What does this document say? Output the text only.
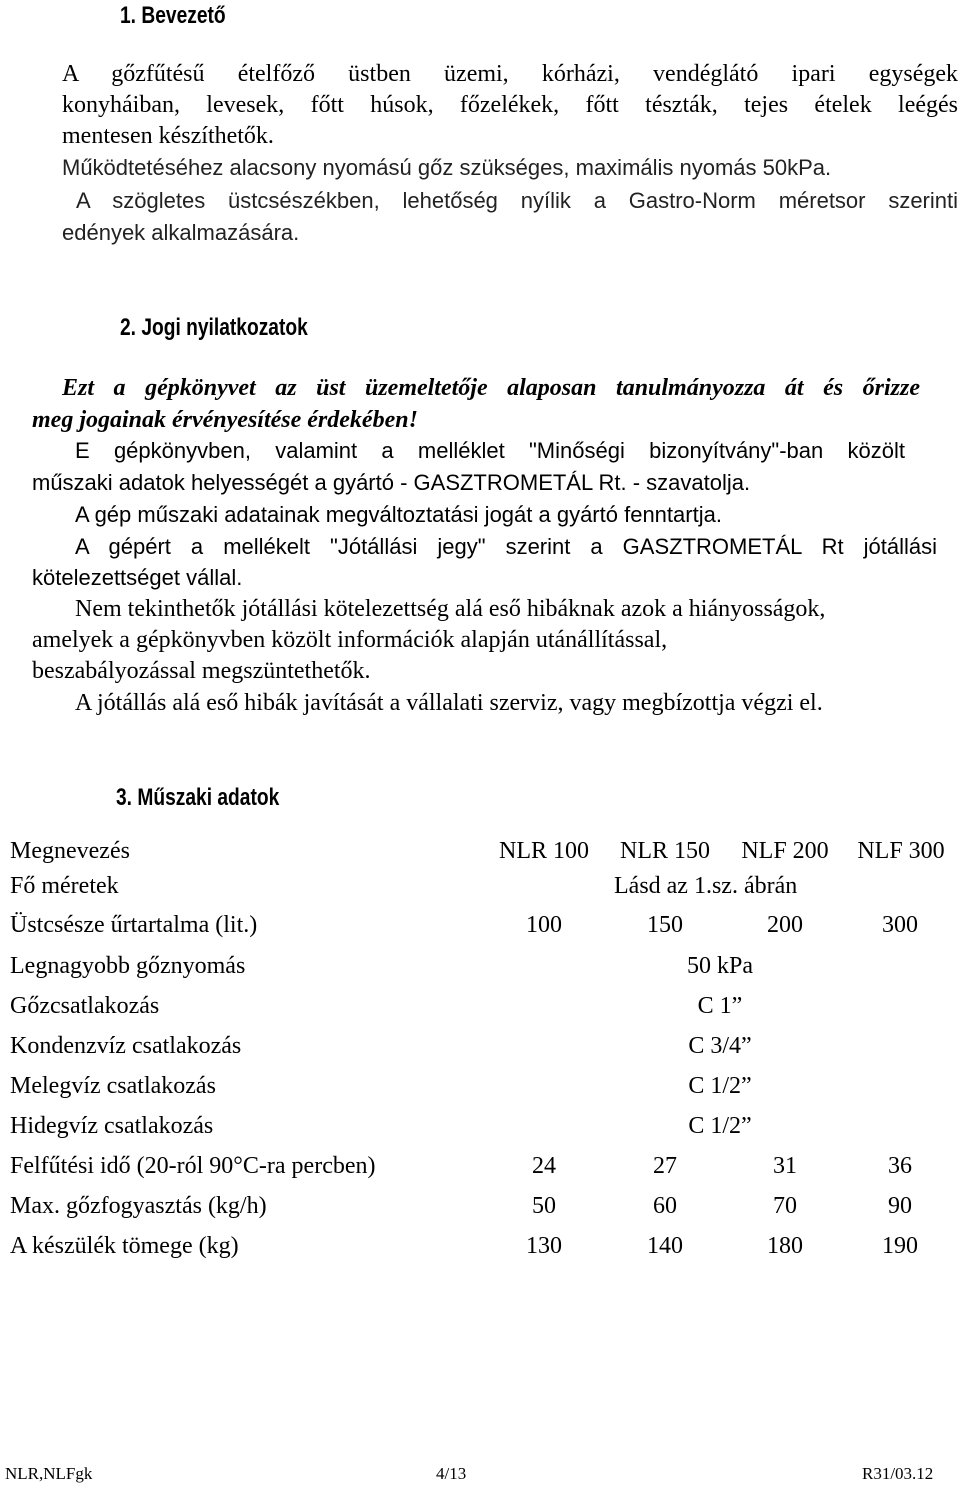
1. Bevezető
A gőzfűtésű ételfőző üstben üzemi, kórházi, vendéglátó ipari egységek
konyháiban, levesek, főtt húsok, főzelékek, főtt tészták, tejes ételek leégés
mentesen készíthetők.
Működtetéséhez alacsony nyomású gőz szükséges, maximális nyomás 50kPa.
A szögletes üstcsészékben, lehetőség nyílik a Gastro-Norm méretsor szerinti
edények alkalmazására.
2. Jogi nyilatkozatok
Ezt a gépkönyvet az üst üzemeltetője alaposan tanulmányozza át és őrizze
meg jogainak érvényesítése érdekében!
E gépkönyvben, valamint a melléklet "Minőségi bizonyítvány"-ban közölt
műszaki adatok helyességét a gyártó - GASZTROMETÁL Rt. - szavatolja.
A gép műszaki adatainak megváltoztatási jogát a gyártó fenntartja.
A gépért a mellékelt "Jótállási jegy" szerint a GASZTROMETÁL Rt jótállási
kötelezettséget vállal.
Nem tekinthetők jótállási kötelezettség alá eső hibáknak azok a hiányosságok,
amelyek a gépkönyvben közölt információk alapján utánállítással,
beszabályozással megszüntethetők.
A jótállás alá eső hibák javítását a vállalati szerviz, vagy megbízottja végzi el.
3. Műszaki adatok
Megnevezés	NLR 100	NLR 150	NLF 200	NLF 300
Fő méretek	Lásd az 1.sz. ábrán
Üstcsésze űrtartalma (lit.)	100	150	200	300
Legnagyobb gőznyomás	50 kPa
Gőzcsatlakozás	C 1”
Kondenzvíz csatlakozás	C 3/4”
Melegvíz csatlakozás	C 1/2”
Hidegvíz csatlakozás	C 1/2”
Felfűtési idő (20-ról 90°C-ra percben)	24	27	31	36
Max. gőzfogyasztás (kg/h)	50	60	70	90
A készülék tömege (kg)	130	140	180	190
NLR,NLFgk	4/13	R31/03.12
